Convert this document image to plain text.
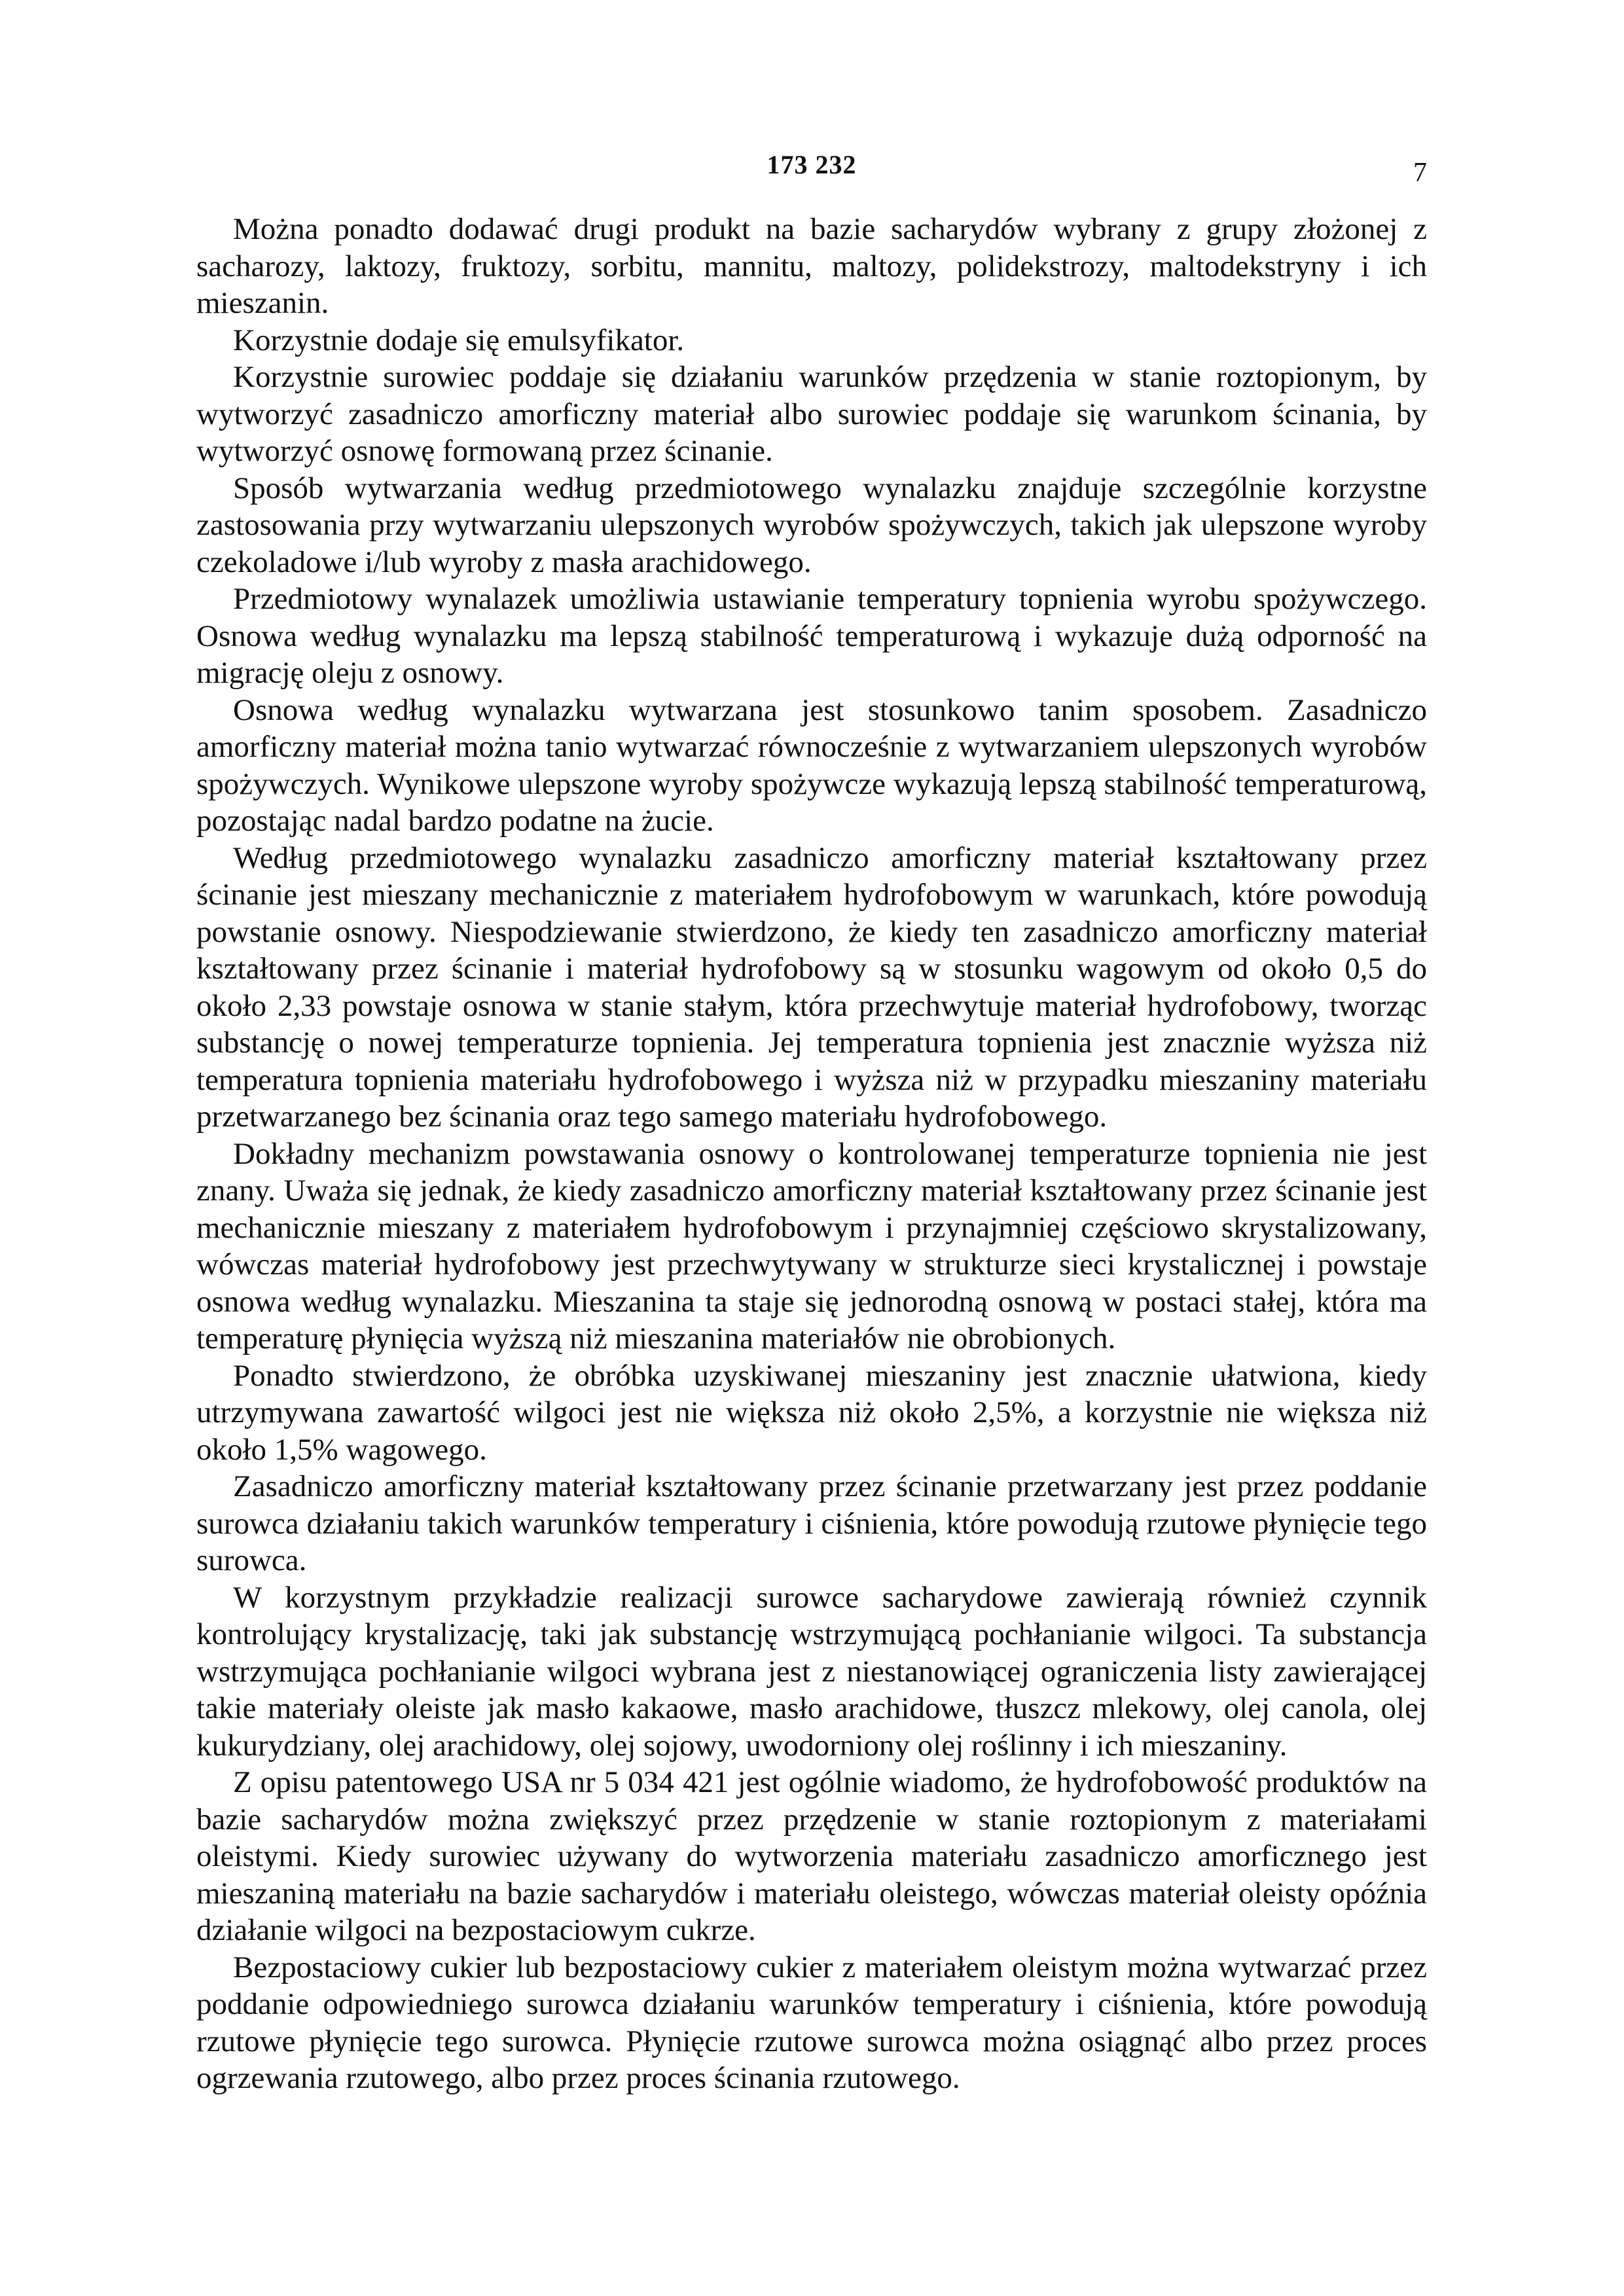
173 232	7

Można ponadto dodawać drugi produkt na bazie sacharydów wybrany z grupy złożonej z sacharozy, laktozy, fruktozy, sorbitu, mannitu, maltozy, polidekstrozy, maltodekstryny i ich mieszanin.

Korzystnie dodaje się emulsyfikator.

Korzystnie surowiec poddaje się działaniu warunków przędzenia w stanie roztopionym, by wytworzyć zasadniczo amorficzny materiał albo surowiec poddaje się warunkom ścinania, by wytworzyć osnowę formowaną przez ścinanie.

Sposób wytwarzania według przedmiotowego wynalazku znajduje szczególnie korzystne zastosowania przy wytwarzaniu ulepszonych wyrobów spożywczych, takich jak ulepszone wyroby czekoladowe i/lub wyroby z masła arachidowego.

Przedmiotowy wynalazek umożliwia ustawianie temperatury topnienia wyrobu spożywczego. Osnowa według wynalazku ma lepszą stabilność temperaturową i wykazuje dużą odporność na migrację oleju z osnowy.

Osnowa według wynalazku wytwarzana jest stosunkowo tanim sposobem. Zasadniczo amorficzny materiał można tanio wytwarzać równocześnie z wytwarzaniem ulepszonych wyrobów spożywczych. Wynikowe ulepszone wyroby spożywcze wykazują lepszą stabilność temperaturową, pozostając nadal bardzo podatne na żucie.

Według przedmiotowego wynalazku zasadniczo amorficzny materiał kształtowany przez ścinanie jest mieszany mechanicznie z materiałem hydrofobowym w warunkach, które powodują powstanie osnowy. Niespodziewanie stwierdzono, że kiedy ten zasadniczo amorficzny materiał kształtowany przez ścinanie i materiał hydrofobowy są w stosunku wagowym od około 0,5 do około 2,33 powstaje osnowa w stanie stałym, która przechwytuje materiał hydrofobowy, tworząc substancję o nowej temperaturze topnienia. Jej temperatura topnienia jest znacznie wyższa niż temperatura topnienia materiału hydrofobowego i wyższa niż w przypadku mieszaniny materiału przetwarzanego bez ścinania oraz tego samego materiału hydrofobowego.

Dokładny mechanizm powstawania osnowy o kontrolowanej temperaturze topnienia nie jest znany. Uważa się jednak, że kiedy zasadniczo amorficzny materiał kształtowany przez ścinanie jest mechanicznie mieszany z materiałem hydrofobowym i przynajmniej częściowo skrystalizowany, wówczas materiał hydrofobowy jest przechwytywany w strukturze sieci krystalicznej i powstaje osnowa według wynalazku. Mieszanina ta staje się jednorodną osnową w postaci stałej, która ma temperaturę płynięcia wyższą niż mieszanina materiałów nie obrobionych.

Ponadto stwierdzono, że obróbka uzyskiwanej mieszaniny jest znacznie ułatwiona, kiedy utrzymywana zawartość wilgoci jest nie większa niż około 2,5%, a korzystnie nie większa niż około 1,5% wagowego.

Zasadniczo amorficzny materiał kształtowany przez ścinanie przetwarzany jest przez poddanie surowca działaniu takich warunków temperatury i ciśnienia, które powodują rzutowe płynięcie tego surowca.

W korzystnym przykładzie realizacji surowce sacharydowe zawierają również czynnik kontrolujący krystalizację, taki jak substancję wstrzymującą pochłanianie wilgoci. Ta substancja wstrzymująca pochłanianie wilgoci wybrana jest z niestanowiącej ograniczenia listy zawierającej takie materiały oleiste jak masło kakaowe, masło arachidowe, tłuszcz mlekowy, olej canola, olej kukurydziany, olej arachidowy, olej sojowy, uwodorniony olej roślinny i ich mieszaniny.

Z opisu patentowego USA nr 5 034 421 jest ogólnie wiadomo, że hydrofobowość produktów na bazie sacharydów można zwiększyć przez przędzenie w stanie roztopionym z materiałami oleistymi. Kiedy surowiec używany do wytworzenia materiału zasadniczo amorficznego jest mieszaniną materiału na bazie sacharydów i materiału oleistego, wówczas materiał oleisty opóźnia działanie wilgoci na bezpostaciowym cukrze.

Bezpostaciowy cukier lub bezpostaciowy cukier z materiałem oleistym można wytwarzać przez poddanie odpowiedniego surowca działaniu warunków temperatury i ciśnienia, które powodują rzutowe płynięcie tego surowca. Płynięcie rzutowe surowca można osiągnąć albo przez proces ogrzewania rzutowego, albo przez proces ścinania rzutowego.
